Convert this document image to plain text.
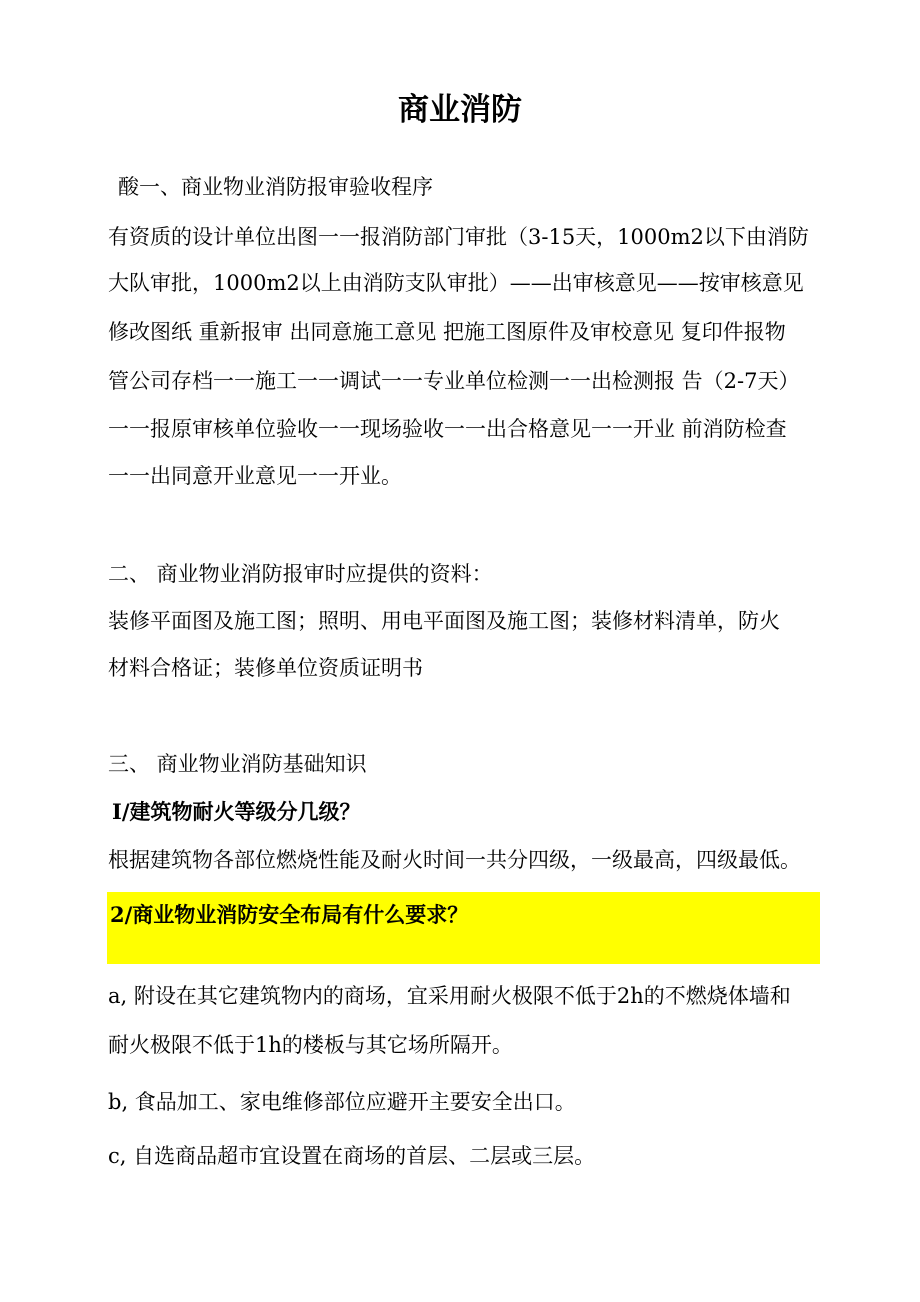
商业消防
酸一、商业物业消防报审验收程序
有资质的设计单位出图一一报消防部门审批（3-15天，1000m2以下由消防
大队审批，1000m2以上由消防支队审批）——出审核意见——按审核意见
修改图纸 重新报审 出同意施工意见 把施工图原件及审校意见 复印件报物
管公司存档一一施工一一调试一一专业单位检测一一出检测报 告（2-7天）
一一报原审核单位验收一一现场验收一一出合格意见一一开业 前消防检查
一一出同意开业意见一一开业。
二、 商业物业消防报审时应提供的资料：
装修平面图及施工图；照明、用电平面图及施工图；装修材料清单，防火
材料合格证；装修单位资质证明书
三、 商业物业消防基础知识
I/建筑物耐火等级分几级？
根据建筑物各部位燃烧性能及耐火时间一共分四级，一级最高，四级最低。
2/商业物业消防安全布局有什么要求？
a, 附设在其它建筑物内的商场，宜采用耐火极限不低于2h的不燃烧体墙和
耐火极限不低于1h的楼板与其它场所隔开。
b, 食品加工、家电维修部位应避开主要安全出口。
c, 自选商品超市宜设置在商场的首层、二层或三层。
